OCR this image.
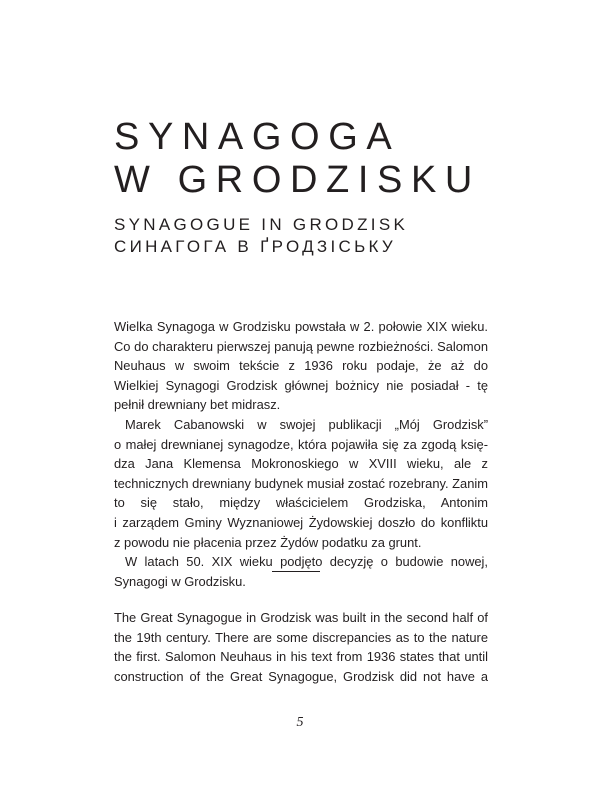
SYNAGOGA
W GRODZISKU
SYNAGOGUE IN GRODZISK
СИНАГОГА В ҐРОДЗІСЬКУ
Wielka Synagoga w Grodzisku powstała w 2. połowie XIX wieku.
Co do charakteru pierwszej panują pewne rozbieżności. Salomon
Neuhaus w swoim tekście z 1936 roku podaje, że aż do
Wielkiej Synagogi Grodzisk głównej bożnicy nie posiadał - tę
pełnił drewniany bet midrasz.
Marek Cabanowski w swojej publikacji „Mój Grodzisk”
o małej drewnianej synagodze, która pojawiła się za zgodą księ-
dza Jana Klemensa Mokronoskiego w XVIII wieku, ale z
technicznych drewniany budynek musiał zostać rozebrany. Zanim
to się stało, między właścicielem Grodziska, Antonim
i zarządem Gminy Wyznaniowej Żydowskiej doszło do konfliktu
z powodu nie płacenia przez Żydów podatku za grunt.
W latach 50. XIX wieku podjęto decyzję o budowie nowej,
Synagogi w Grodzisku.
The Great Synagogue in Grodzisk was built in the second half of
the 19th century. There are some discrepancies as to the nature
the first. Salomon Neuhaus in his text from 1936 states that until
construction of the Great Synagogue, Grodzisk did not have a
5
